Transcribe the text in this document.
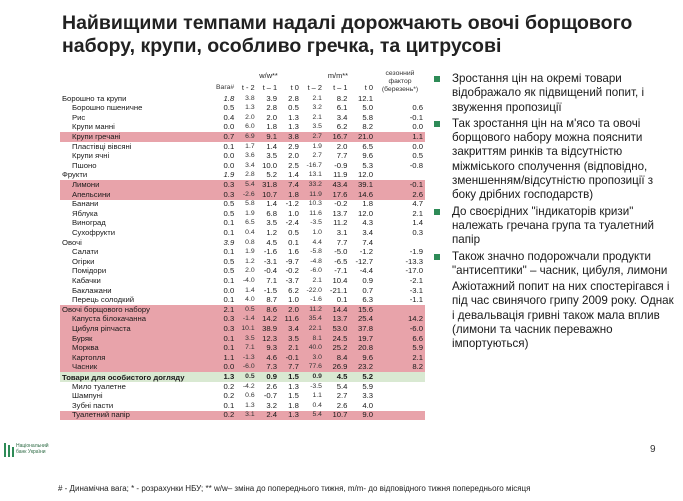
Найвищими темпами надалі дорожчають овочі борщового набору, крупи, особливо гречка, та цитрусові
		w/w**			m/m**			сезонний фактор (березень*)
	Вага#	t - 2	t – 1	t 0	t – 2	t – 1	t 0	
Борошно та крупи	1.8	3.8	3.9	2.8	2.1	8.2	12.1	
Борошно пшеничне	0.5	1.3	2.8	0.5	3.2	6.1	5.0	0.6
Рис	0.4	2.0	2.0	1.3	2.1	3.4	5.8	-0.1
Крупи манні	0.0	6.0	1.8	1.3	3.5	6.2	8.2	0.0
Крупи гречані	0.7	6.9	9.1	3.8	2.7	16.7	21.0	1.1
Пластівці вівсяні	0.1	1.7	1.4	2.9	1.9	2.0	6.5	0.0
Крупи ячні	0.0	3.6	3.5	2.0	2.7	7.7	9.6	0.5
Пшоно	0.0	3.4	10.0	2.5	-16.7	-0.9	5.3	-0.8
Фрукти	1.9	2.8	5.2	1.4	13.1	11.9	12.0	
Лимони	0.3	5.4	31.8	7.4	33.2	43.4	39.1	-0.1
Апельсини	0.3	-2.6	10.7	1.8	11.9	17.6	14.6	2.6
Банани	0.5	5.8	1.4	-1.2	10.3	-0.2	1.8	4.7
Яблука	0.5	1.9	6.8	1.0	11.6	13.7	12.0	2.1
Виноград	0.1	6.5	3.5	-2.4	-3.5	11.2	4.3	1.4
Сухофрукти	0.1	0.4	1.2	0.5	1.0	3.1	3.4	0.3
Овочі	3.9	0.8	4.5	0.1	4.4	7.7	7.4	
Салати	0.1	1.9	-1.6	1.6	-5.8	-5.0	-1.2	-1.9
Огірки	0.5	1.2	-3.1	-9.7	-4.8	-6.5	-12.7	-13.3
Помідори	0.5	2.0	-0.4	-0.2	-6.0	-7.1	-4.4	-17.0
Кабачки	0.1	-4.0	7.1	-3.7	2.1	10.4	0.9	-2.1
Баклажани	0.0	1.4	-1.5	6.2	-22.0	-21.1	0.7	-3.1
Перець солодкий	0.1	4.0	8.7	1.0	-1.6	0.1	6.3	-1.1
Овочі борщового набору	2.1	0.5	8.6	2.0	11.2	14.4	15.6	
Капуста білокачанна	0.3	-1.4	14.2	11.6	35.4	13.7	25.4	14.2
Цибуля ріпчаста	0.3	10.1	38.9	3.4	22.1	53.0	37.8	-6.0
Буряк	0.1	3.5	12.3	3.5	8.1	24.5	19.7	6.6
Морква	0.1	7.1	9.3	2.1	40.0	25.2	20.8	5.9
Картопля	1.1	-1.3	4.6	-0.1	3.0	8.4	9.6	2.1
Часник	0.0	-6.0	7.3	7.7	77.6	26.9	23.2	8.2
Товари для особистого догляду	1.3	0.5	0.9	1.5	0.9	4.5	5.2	
Мило туалетне	0.2	-4.2	2.6	1.3	-3.5	5.4	5.9	
Шампуні	0.2	0.6	-0.7	1.5	1.1	2.7	3.3	
Зубні пасти	0.1	1.3	3.2	1.8	0.4	2.6	4.0	
Туалетний папір	0.2	3.1	2.4	1.3	5.4	10.7	9.0	
Зростання цін на окремі товари відображало як підвищений попит, і звуження пропозиції
Так зростання цін на м'ясо та овочі борщового набору можна пояснити закриттям ринків та відсутністю міжміського сполучення (відповідно, зменшенням/відсутністю пропозиції з боку дрібних господарств)
До своєрідних "індикаторів кризи" належать гречана група та туалетний папір
Також значно подорожчали продукти "антисептики" – часник, цибуля, лимони
Ажіотажний попит на них спостерігався і під час свинячого грипу 2009 року. Однак і девальвація гривні також мала вплив (лимони та часник переважно імпортуються)
Національний банк України	9
# - Динамічна вага; * - розрахунки НБУ; ** w/w– зміна до попереднього тижня, m/m- до відповідного тижня попереднього місяця
